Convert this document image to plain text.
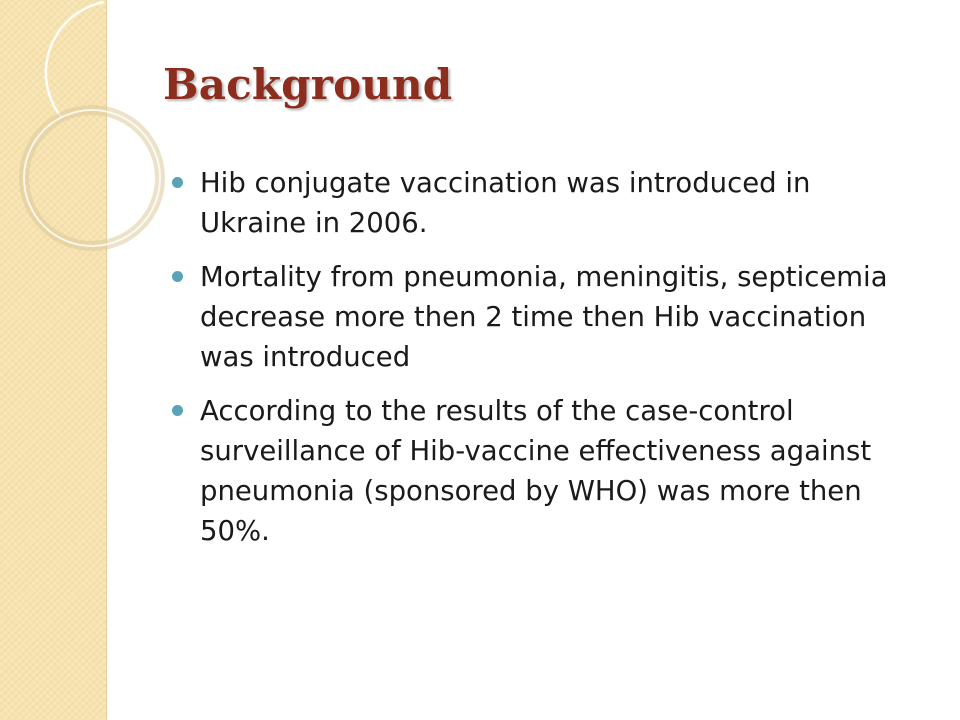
Background
Hib conjugate vaccination was introduced in Ukraine in 2006.
Mortality from pneumonia, meningitis, septicemia decrease more then 2 time then Hib vaccination was introduced
According to the results of the case-control surveillance of Hib-vaccine effectiveness against pneumonia (sponsored by WHO) was more then 50%.
